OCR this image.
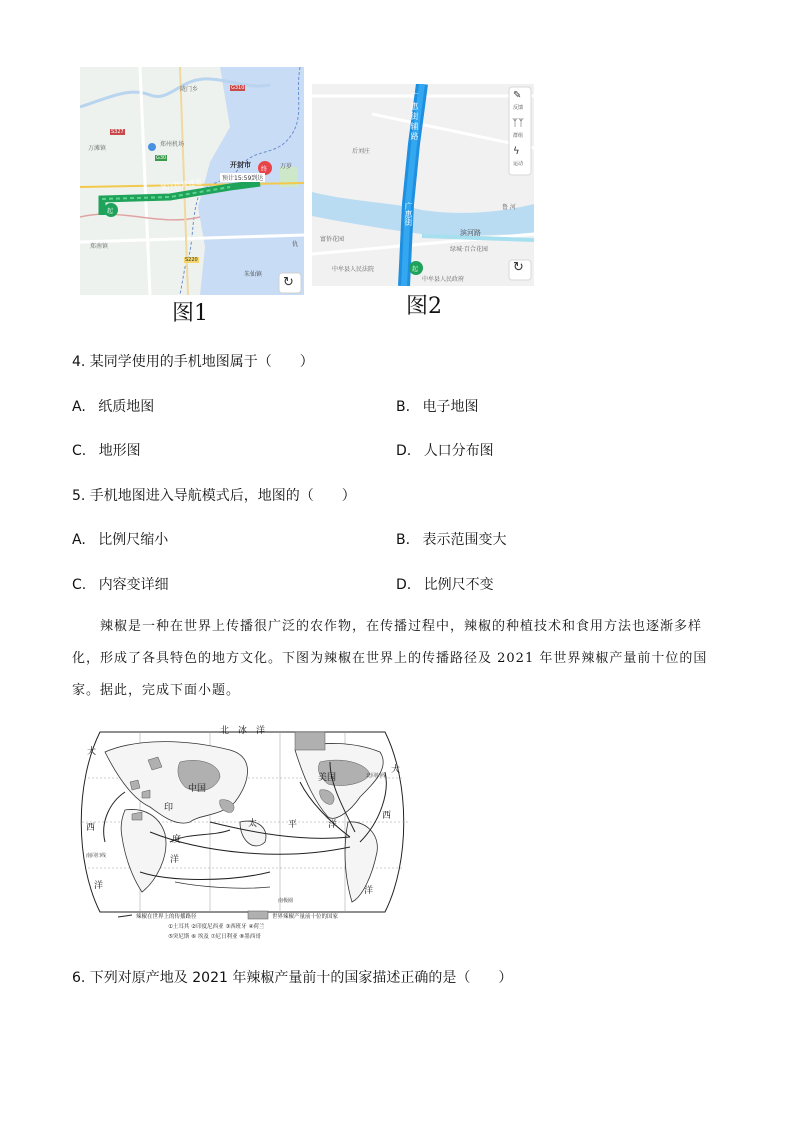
陇门乡
万滩镇
郑州机场
郑南镇
开封市
终
起
预计15:59到达
郑汴物流通道
万岁
仇
朱仙镇
G30
G310
S220
S327
↻
图1
广惠街辅路
广惠街
后刘庄
鲁 河
滨河路
富侨花园
绿城·百合花园
中牟县人民法院
中牟县人民政府
起
✎
反馈
ᛉᛉ
群组
ϟ
运动
↻
图2
4. 某同学使用的手机地图属于（　　）
A. 纸质地图	B. 电子地图
C. 地形图	D. 人口分布图
5. 手机地图进入导航模式后，地图的（　　）
A. 比例尺缩小	B. 表示范围变大
C. 内容变详细	D. 比例尺不变
辣椒是一种在世界上传播很广泛的农作物，在传播过程中，辣椒的种植技术和食用方法也逐渐多样
化，形成了各具特色的地方文化。下图为辣椒在世界上的传播路径及 2021 年世界辣椒产量前十位的国
家。据此，完成下面小题。
北　冰　洋
大
大
中国
美国
印
度
洋
太	平	洋
西
西
洋	洋
北回归线
南回归线
南极圈
辣椒在世界上的传播路径	世界辣椒产量前十位的国家
①土耳其 ②印度尼西亚 ③西班牙 ④荷兰
⑤突尼斯 ⑥ 埃及 ⑦尼日利亚 ⑧墨西哥
6. 下列对原产地及 2021 年辣椒产量前十的国家描述正确的是（　　）
